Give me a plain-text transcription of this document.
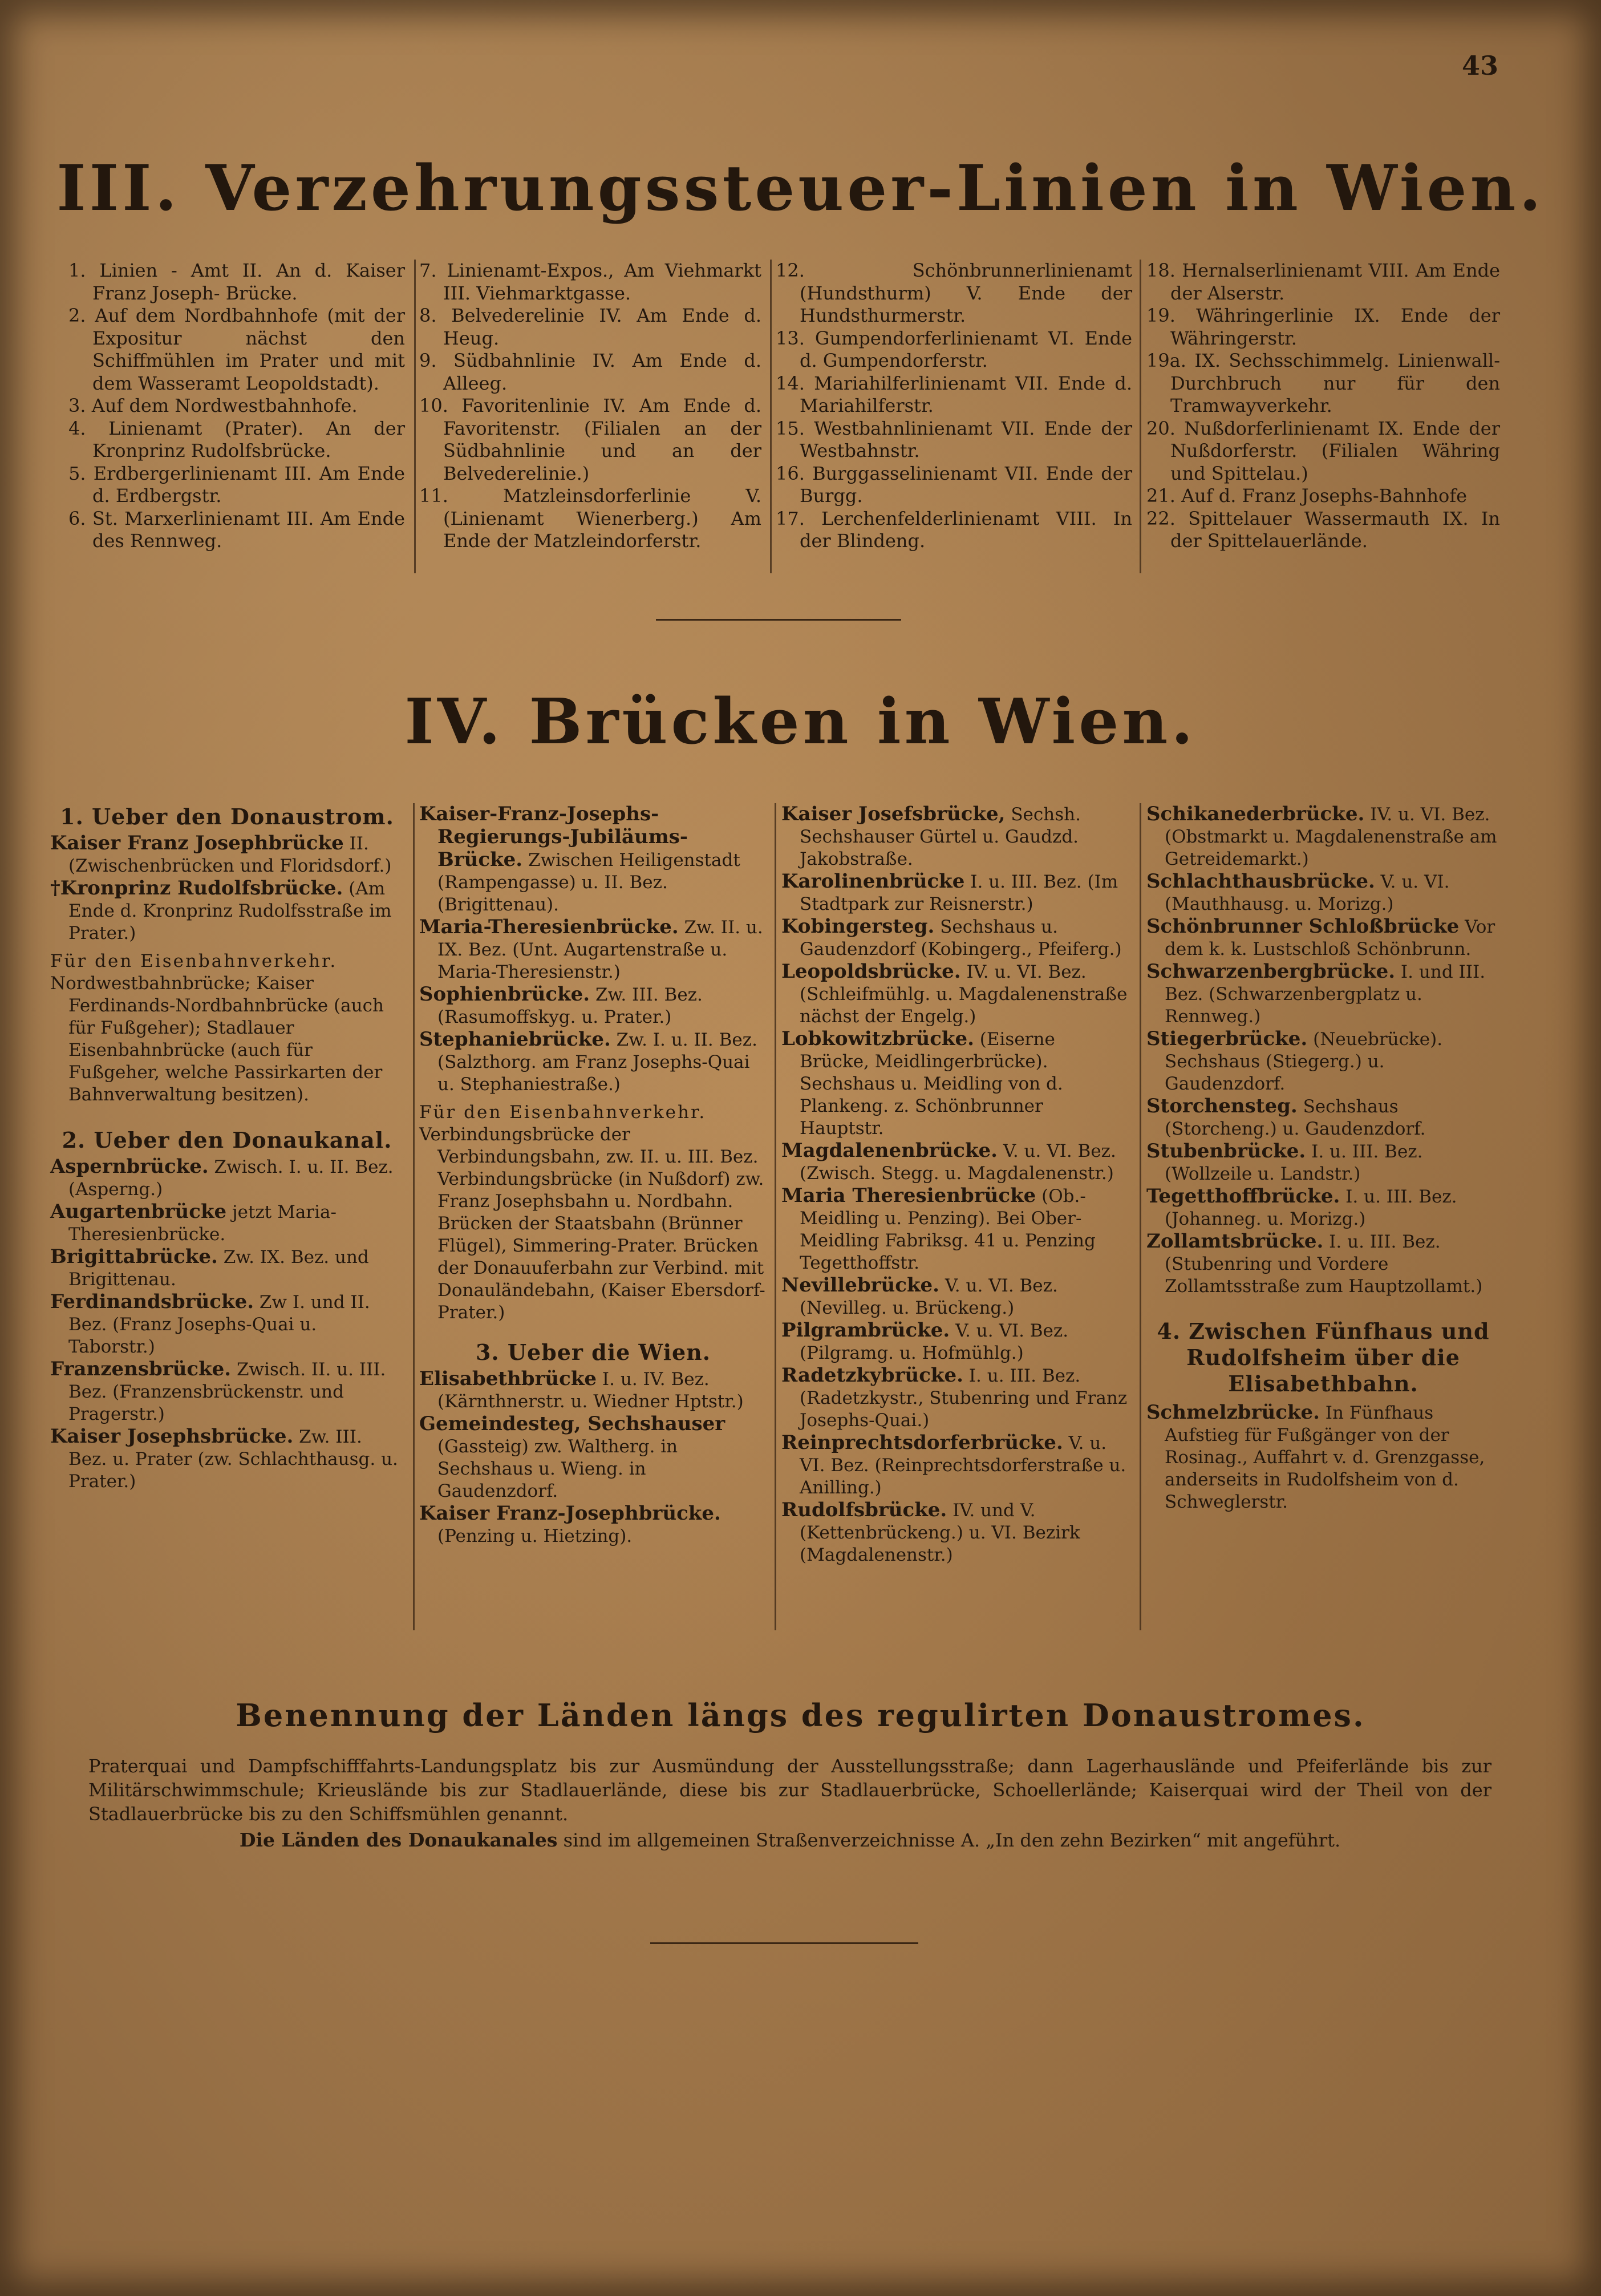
43
III. Verzehrungssteuer-Linien in Wien.

1. Linien - Amt II. An d. Kaiser Franz Joseph- Brücke.

2. Auf dem Nordbahnhofe (mit der Expositur nächst den Schiffmühlen im Prater und mit dem Wasseramt Leopoldstadt).

3. Auf dem Nordwestbahnhofe.

4. Linienamt (Prater). An der Kronprinz Rudolfsbrücke.

5. Erdbergerlinienamt III. Am Ende d. Erdbergstr.

6. St. Marxerlinienamt III. Am Ende des Rennweg.

7. Linienamt-Expos., Am Viehmarkt III. Viehmarktgasse.

8. Belvederelinie IV. Am Ende d. Heug.

9. Südbahnlinie IV. Am Ende d. Alleeg.

10. Favoritenlinie IV. Am Ende d. Favoritenstr. (Filialen an der Südbahnlinie und an der Belvederelinie.)

11. Matzleinsdorferlinie V. (Linienamt Wienerberg.) Am Ende der Matzleindorferstr.

12. Schönbrunnerlinienamt (Hundsthurm) V. Ende der Hundsthurmerstr.

13. Gumpendorferlinienamt VI. Ende d. Gumpendorferstr.

14. Mariahilferlinienamt VII. Ende d. Mariahilferstr.

15. Westbahnlinienamt VII. Ende der Westbahnstr.

16. Burggasselinienamt VII. Ende der Burgg.

17. Lerchenfelderlinienamt VIII. In der Blindeng.

18. Hernalserlinienamt VIII. Am Ende der Alserstr.

19. Währingerlinie IX. Ende der Währingerstr.

19a. IX. Sechsschimmelg. Linienwall-Durchbruch nur für den Tramwayverkehr.

20. Nußdorferlinienamt IX. Ende der Nußdorferstr. (Filialen Währing und Spittelau.)

21. Auf d. Franz Josephs-Bahnhofe

22. Spittelauer Wassermauth IX. In der Spittelauerlände.

IV. Brücken in Wien.

1. Ueber den Donaustrom.

Kaiser Franz Josephbrücke II. (Zwischenbrücken und Floridsdorf.)

†Kronprinz Rudolfsbrücke. (Am Ende d. Kronprinz Rudolfsstraße im Prater.)

Für den Eisenbahnverkehr.

Nordwestbahnbrücke; Kaiser Ferdinands-Nordbahnbrücke (auch für Fußgeher); Stadlauer Eisenbahnbrücke (auch für Fußgeher, welche Passirkarten der Bahnverwaltung besitzen).

2. Ueber den Donaukanal.

Aspernbrücke. Zwisch. I. u. II. Bez. (Asperng.)

Augartenbrücke jetzt Maria-Theresienbrücke.

Brigittabrücke. Zw. IX. Bez. und Brigittenau.

Ferdinandsbrücke. Zw I. und II. Bez. (Franz Josephs-Quai u. Taborstr.)

Franzensbrücke. Zwisch. II. u. III. Bez. (Franzensbrückenstr. und Pragerstr.)

Kaiser Josephsbrücke. Zw. III. Bez. u. Prater (zw. Schlachthausg. u. Prater.)

Kaiser-Franz-Josephs-Regierungs-Jubiläums-Brücke. Zwischen Heiligenstadt (Rampengasse) u. II. Bez. (Brigittenau).

Maria-Theresienbrücke. Zw. II. u. IX. Bez. (Unt. Augartenstraße u. Maria-Theresienstr.)

Sophienbrücke. Zw. III. Bez. (Rasumoffskyg. u. Prater.)

Stephaniebrücke. Zw. I. u. II. Bez. (Salzthorg. am Franz Josephs-Quai u. Stephaniestraße.)

Für den Eisenbahnverkehr.

Verbindungsbrücke der Verbindungsbahn, zw. II. u. III. Bez. Verbindungsbrücke (in Nußdorf) zw. Franz Josephsbahn u. Nordbahn. Brücken der Staatsbahn (Brünner Flügel), Simmering-Prater. Brücken der Donauuferbahn zur Verbind. mit Donauländebahn, (Kaiser Ebersdorf-Prater.)

3. Ueber die Wien.

Elisabethbrücke I. u. IV. Bez. (Kärnthnerstr. u. Wiedner Hptstr.)

Gemeindesteg, Sechshauser (Gassteig) zw. Waltherg. in Sechshaus u. Wieng. in Gaudenzdorf.

Kaiser Franz-Josephbrücke. (Penzing u. Hietzing).

Kaiser Josefsbrücke, Sechsh. Sechshauser Gürtel u. Gaudzd. Jakobstraße.

Karolinenbrücke I. u. III. Bez. (Im Stadtpark zur Reisnerstr.)

Kobingersteg. Sechshaus u. Gaudenzdorf (Kobingerg., Pfeiferg.)

Leopoldsbrücke. IV. u. VI. Bez. (Schleifmühlg. u. Magdalenenstraße nächst der Engelg.)

Lobkowitzbrücke. (Eiserne Brücke, Meidlingerbrücke). Sechshaus u. Meidling von d. Plankeng. z. Schönbrunner Hauptstr.

Magdalenenbrücke. V. u. VI. Bez. (Zwisch. Stegg. u. Magdalenenstr.)

Maria Theresienbrücke (Ob.-Meidling u. Penzing). Bei Ober-Meidling Fabriksg. 41 u. Penzing Tegetthoffstr.

Nevillebrücke. V. u. VI. Bez. (Nevilleg. u. Brückeng.)

Pilgrambrücke. V. u. VI. Bez. (Pilgramg. u. Hofmühlg.)

Radetzkybrücke. I. u. III. Bez. (Radetzkystr., Stubenring und Franz Josephs-Quai.)

Reinprechtsdorferbrücke. V. u. VI. Bez. (Reinprechtsdorferstraße u. Anilling.)

Rudolfsbrücke. IV. und V. (Kettenbrückeng.) u. VI. Bezirk (Magdalenenstr.)

Schikanederbrücke. IV. u. VI. Bez. (Obstmarkt u. Magdalenenstraße am Getreidemarkt.)

Schlachthausbrücke. V. u. VI. (Mauthhausg. u. Morizg.)

Schönbrunner Schloßbrücke Vor dem k. k. Lustschloß Schönbrunn.

Schwarzenbergbrücke. I. und III. Bez. (Schwarzenbergplatz u. Rennweg.)

Stiegerbrücke. (Neuebrücke). Sechshaus (Stiegerg.) u. Gaudenzdorf.

Storchensteg. Sechshaus (Storcheng.) u. Gaudenzdorf.

Stubenbrücke. I. u. III. Bez. (Wollzeile u. Landstr.)

Tegetthoffbrücke. I. u. III. Bez. (Johanneg. u. Morizg.)

Zollamtsbrücke. I. u. III. Bez. (Stubenring und Vordere Zollamtsstraße zum Hauptzollamt.)

4. Zwischen Fünfhaus und Rudolfsheim über die Elisabethbahn.

Schmelzbrücke. In Fünfhaus Aufstieg für Fußgänger von der Rosinag., Auffahrt v. d. Grenzgasse, anderseits in Rudolfsheim von d. Schweglerstr.

Benennung der Länden längs des regulirten Donaustromes.

Praterquai und Dampfschifffahrts-Landungsplatz bis zur Ausmündung der Ausstellungsstraße; dann Lagerhauslände und Pfeiferlände bis zur Militärschwimmschule; Krieuslände bis zur Stadlauerlände, diese bis zur Stadlauerbrücke, Schoellerlände; Kaiserquai wird der Theil von der Stadlauerbrücke bis zu den Schiffsmühlen genannt.

Die Länden des Donaukanales sind im allgemeinen Straßenverzeichnisse A. „In den zehn Bezirken“ mit angeführt.
